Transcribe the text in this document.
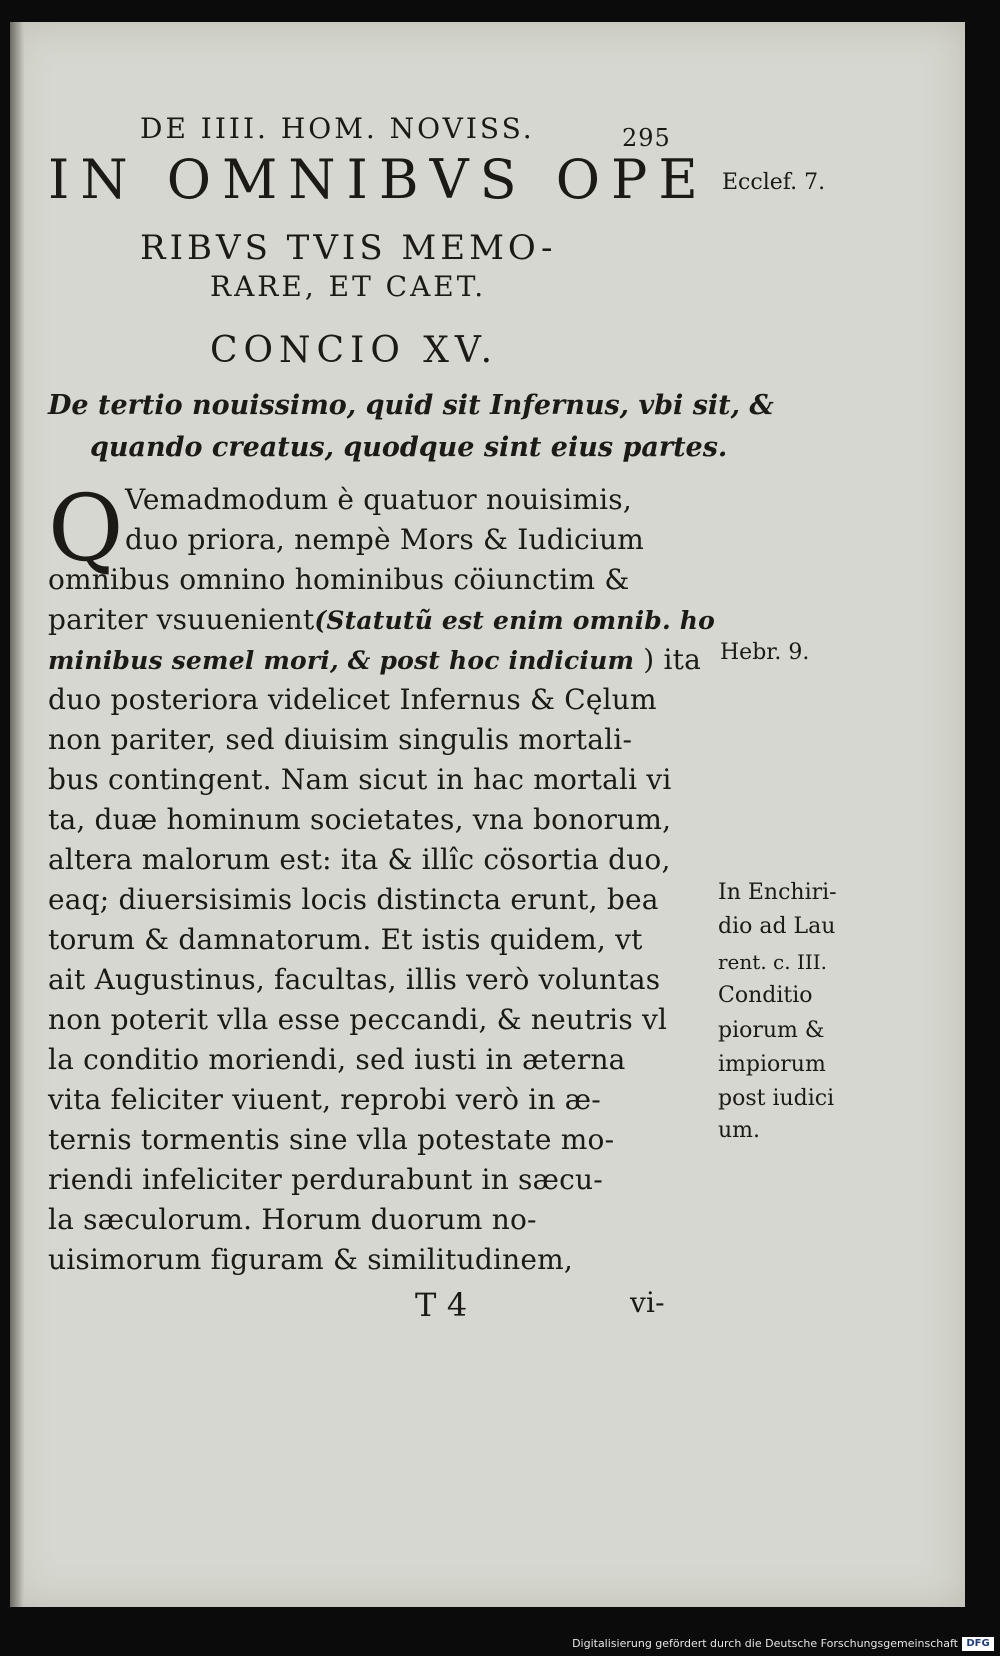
DE IIII. HOM. NOVISS.	295
IN OMNIBVS OPE
RIBVS TVIS MEMO-
RARE, ET CAET.
CONCIO XV.
De tertio nouissimo, quid sit Infernus, vbi sit, &
quando creatus, quodque sint eius partes.
Q Vemadmodum è quatuor nouisimis,
duo priora, nempè Mors & Iudicium
omnibus omnino hominibus cöiunctim &
pariter vsuuenient(Statutũ est enim omnib. ho
minibus semel mori, & post hoc indicium ) ita
duo posteriora videlicet Infernus & Cęlum
non pariter, sed diuisim singulis mortali-
bus contingent. Nam sicut in hac mortali vi
ta, duæ hominum societates, vna bonorum,
altera malorum est: ita & illîc cösortia duo,
eaq; diuersisimis locis distincta erunt, bea
torum & damnatorum. Et istis quidem, vt
ait Augustinus, facultas, illis verò voluntas
non poterit vlla esse peccandi, & neutris vl
la conditio moriendi, sed iusti in æterna
vita feliciter viuent, reprobi verò in æ-
ternis tormentis sine vlla potestate mo-
riendi infeliciter perdurabunt in sæcu-
la sæculorum. Horum duorum no-
uisimorum figuram & similitudinem,
T 4	vi-
Ecclef. 7.
Hebr. 9.
In Enchiri-
dio ad Lau
rent. c. III.
Conditio
piorum &
impiorum
post iudici
um.
Digitalisierung gefördert durch die Deutsche Forschungsgemeinschaft DFG
